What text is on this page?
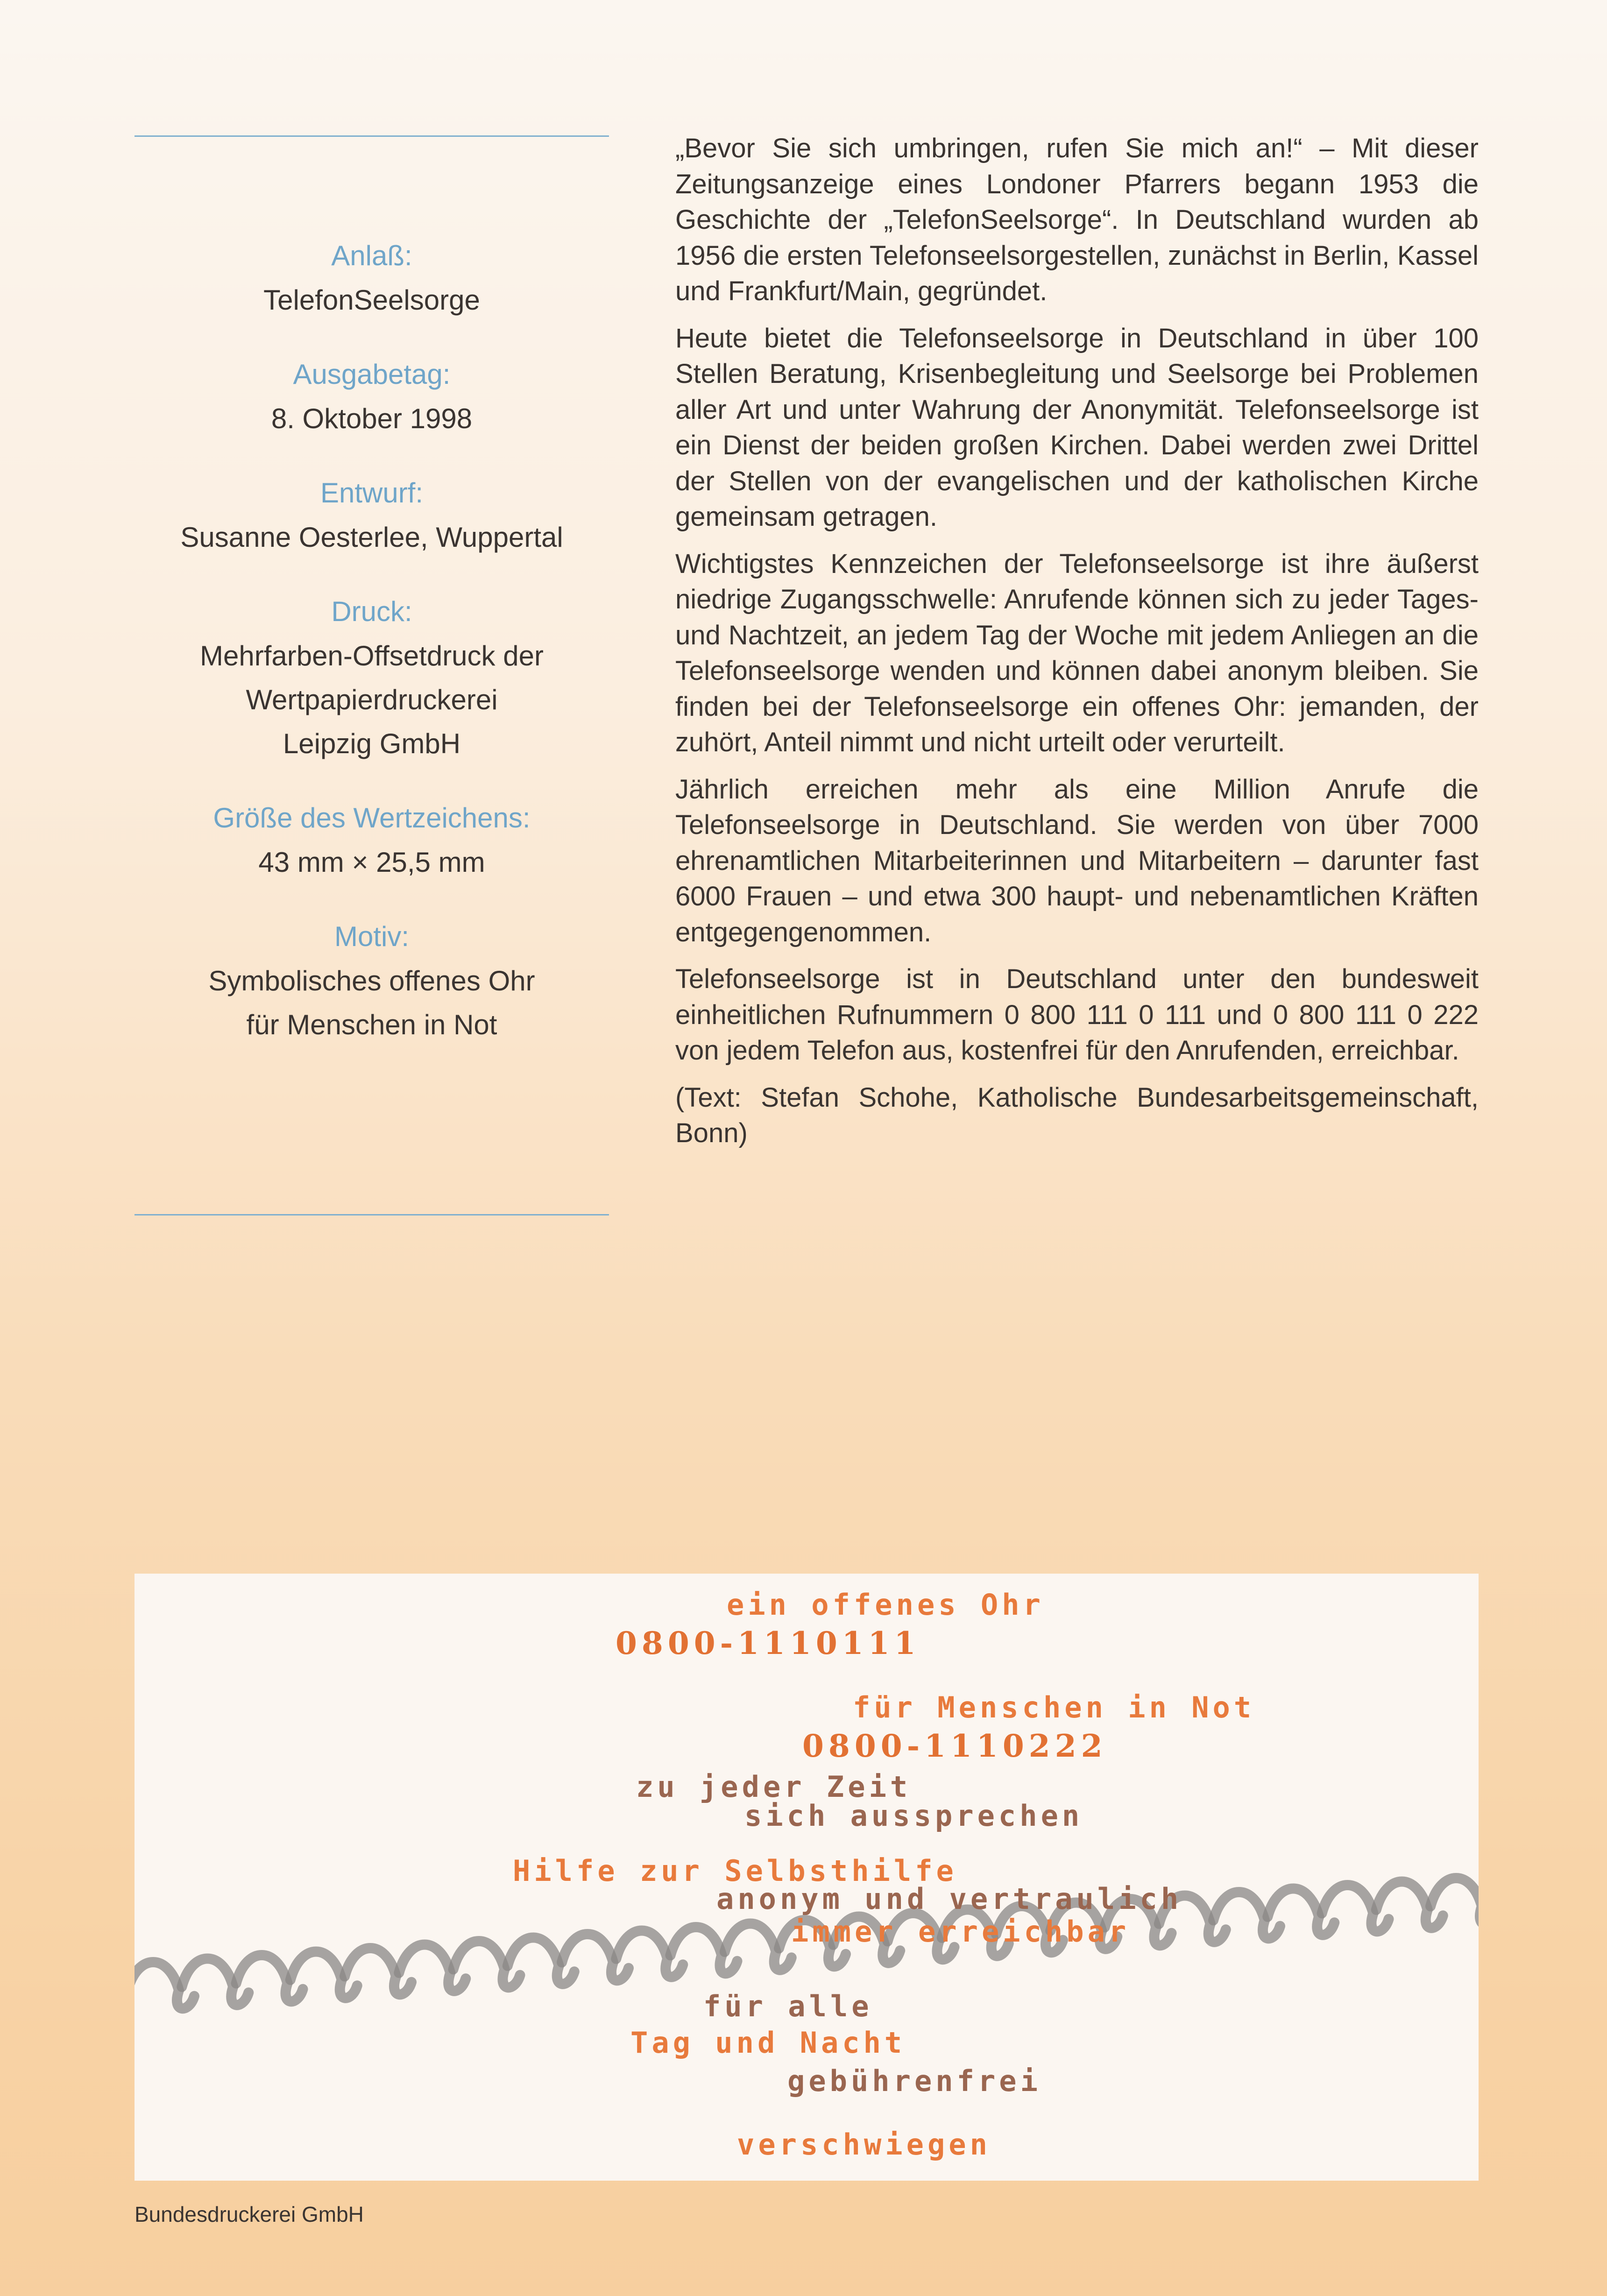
Anlaß:
TelefonSeelsorge
Ausgabetag:
8. Oktober 1998
Entwurf:
Susanne Oesterlee, Wuppertal
Druck:
Mehrfarben-Offsetdruck der
Wertpapierdruckerei
Leipzig GmbH
Größe des Wertzeichens:
43 mm × 25,5 mm
Motiv:
Symbolisches offenes Ohr
für Menschen in Not

„Bevor Sie sich umbringen, rufen Sie mich an!“ – Mit dieser Zeitungsanzeige eines Londoner Pfarrers begann 1953 die Geschichte der „TelefonSeelsorge“. In Deutschland wurden ab 1956 die ersten Telefonseelsorgestellen, zunächst in Berlin, Kassel und Frankfurt/Main, gegründet.

Heute bietet die Telefonseelsorge in Deutschland in über 100 Stellen Beratung, Krisenbegleitung und Seelsorge bei Problemen aller Art und unter Wahrung der Anonymität. Telefonseelsorge ist ein Dienst der beiden großen Kirchen. Dabei werden zwei Drittel der Stellen von der evangelischen und der katholischen Kirche gemeinsam getragen.

Wichtigstes Kennzeichen der Telefonseelsorge ist ihre äußerst niedrige Zugangsschwelle: Anrufende können sich zu jeder Tages- und Nachtzeit, an jedem Tag der Woche mit jedem Anliegen an die Telefonseelsorge wenden und können dabei anonym bleiben. Sie finden bei der Telefonseelsorge ein offenes Ohr: jemanden, der zuhört, Anteil nimmt und nicht urteilt oder verurteilt.

Jährlich erreichen mehr als eine Million Anrufe die Telefonseelsorge in Deutschland. Sie werden von über 7000 ehrenamtlichen Mitarbeiterinnen und Mitarbeitern – darunter fast 6000 Frauen – und etwa 300 haupt- und nebenamtlichen Kräften entgegengenommen.

Telefonseelsorge ist in Deutschland unter den bundesweit einheitlichen Rufnummern 0 800 111 0 111 und 0 800 111 0 222 von jedem Telefon aus, kostenfrei für den Anrufenden, erreichbar.

(Text: Stefan Schohe, Katholische Bundesarbeitsgemeinschaft, Bonn)

ein offenes Ohr
0800-1110111
für Menschen in Not
0800-1110222
zu jeder Zeit
sich aussprechen
Hilfe zur Selbsthilfe
anonym und vertraulich
immer erreichbar
für alle
Tag und Nacht
gebührenfrei
verschwiegen
Bundesdruckerei GmbH
